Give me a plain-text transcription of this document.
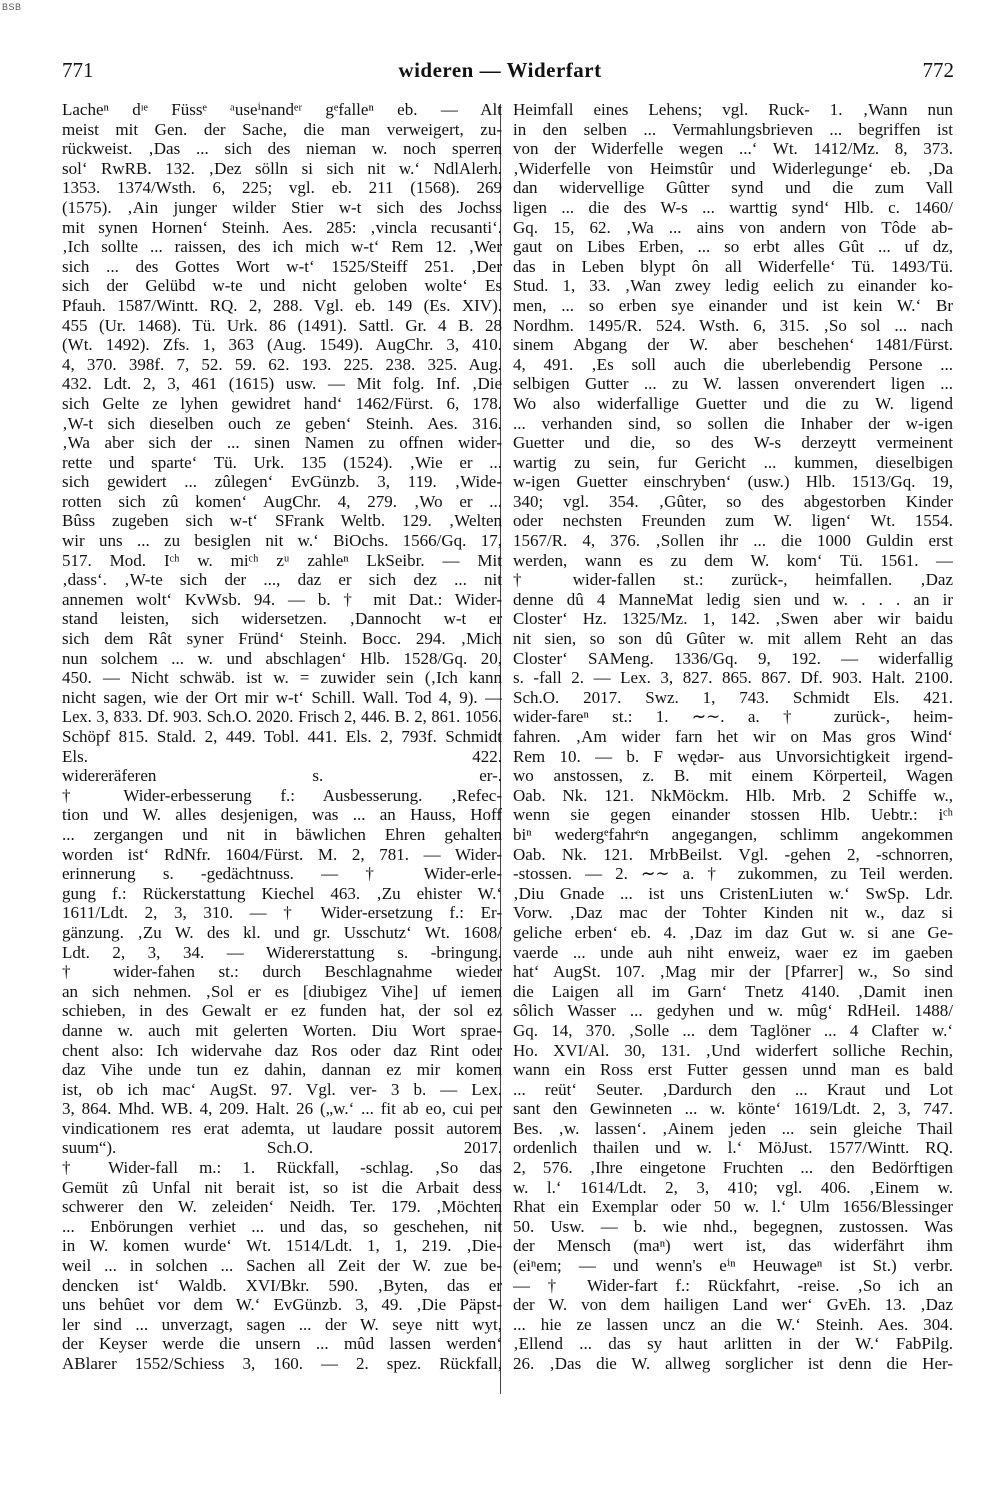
BSB
771	wideren — Widerfart	772
Lacheⁿ dᶦᵉ Füssᵉ ᵃuseⁱnandᵉʳ gᵉfalleⁿ eb. — Alt
meist mit Gen. der Sache, die man verweigert, zu-
rückweist. ‚Das ... sich des nieman w. noch sperren
sol‘ RwRB. 132. ‚Dez sölln si sich nit w.‘ NdlAlerh.
1353. 1374/Wsth. 6, 225; vgl. eb. 211 (1568). 269
(1575). ‚Ain junger wilder Stier w-t sich des Jochss
mit synen Hornen‘ Steinh. Aes. 285: ‚vincla recusanti‘.
‚Ich sollte ... raissen, des ich mich w-t‘ Rem 12. ‚Wer
sich ... des Gottes Wort w-t‘ 1525/Steiff 251. ‚Der
sich der Gelübd w-te und nicht geloben wolte‘ Es
Pfauh. 1587/Wintt. RQ. 2, 288. Vgl. eb. 149 (Es. XIV).
455 (Ur. 1468). Tü. Urk. 86 (1491). Sattl. Gr. 4 B. 28
(Wt. 1492). Zfs. 1, 363 (Aug. 1549). AugChr. 3, 410.
4, 370. 398f. 7, 52. 59. 62. 193. 225. 238. 325. Aug.
432. Ldt. 2, 3, 461 (1615) usw. — Mit folg. Inf. ‚Die
sich Gelte ze lyhen gewidret hand‘ 1462/Fürst. 6, 178.
‚W-t sich dieselben ouch ze geben‘ Steinh. Aes. 316.
‚Wa aber sich der ... sinen Namen zu offnen wider-
rette und sparte‘ Tü. Urk. 135 (1524). ‚Wie er ...
sich gewidert ... zûlegen‘ EvGünzb. 3, 119. ‚Wide-
rotten sich zû komen‘ AugChr. 4, 279. ‚Wo er ...
Bûss zugeben sich w-t‘ SFrank Weltb. 129. ‚Welten
wir uns ... zu besiglen nit w.‘ BiOchs. 1566/Gq. 17,
517. Mod. Iᶜʰ w. miᶜʰ zᵘ zahleⁿ LkSeibr. — Mit
‚dass‘. ‚W-te sich der ..., daz er sich dez ... nit
annemen wolt‘ KvWsb. 94. — b. † mit Dat.: Wider-
stand leisten, sich widersetzen. ‚Dannocht w-t er
sich dem Rât syner Fründ‘ Steinh. Bocc. 294. ‚Mich
nun solchem ... w. und abschlagen‘ Hlb. 1528/Gq. 20,
450. — Nicht schwäb. ist w. = zuwider sein (‚Ich kann
nicht sagen, wie der Ort mir w-t‘ Schill. Wall. Tod 4, 9). —
Lex. 3, 833. Df. 903. Sch.O. 2020. Frisch 2, 446. B. 2, 861. 1056.
Schöpf 815. Stald. 2, 449. Tobl. 441. Els. 2, 793f. Schmidt
Els. 422.
widereräferen s. er-.
† Wider-erbesserung f.: Ausbesserung. ‚Refec-
tion und W. alles desjenigen, was ... an Hauss, Hoff
... zergangen und nit in bäwlichen Ehren gehalten
worden ist‘ RdNfr. 1604/Fürst. M. 2, 781. — Wider-
erinnerung s. -gedächtnuss. — † Wider-erle-
gung f.: Rückerstattung Kiechel 463. ‚Zu ehister W.‘
1611/Ldt. 2, 3, 310. — † Wider-ersetzung f.: Er-
gänzung. ‚Zu W. des kl. und gr. Usschutz‘ Wt. 1608/
Ldt. 2, 3, 34. — Widererstattung s. -bringung.
† wider-fahen st.: durch Beschlagnahme wieder
an sich nehmen. ‚Sol er es [diubigez Vihe] uf iemen
schieben, in des Gewalt er ez funden hat, der sol ez
danne w. auch mit gelerten Worten. Diu Wort sprae-
chent also: Ich widervahe daz Ros oder daz Rint oder
daz Vihe unde tun ez dahin, dannan ez mir komen
ist, ob ich mac‘ AugSt. 97. Vgl. ver- 3 b. — Lex.
3, 864. Mhd. WB. 4, 209. Halt. 26 („w.‘ ... fit ab eo, cui per
vindicationem res erat ademta, ut laudare possit autorem
suum“). Sch.O. 2017.
† Wider-fall m.: 1. Rückfall, -schlag. ‚So das
Gemüt zû Unfal nit berait ist, so ist die Arbait dess
schwerer den W. zeleiden‘ Neidh. Ter. 179. ‚Möchten
... Enbörungen verhiet ... und das, so geschehen, nit
in W. komen wurde‘ Wt. 1514/Ldt. 1, 1, 219. ‚Die-
weil ... in solchen ... Sachen all Zeit der W. zue be-
dencken ist‘ Waldb. XVI/Bkr. 590. ‚Byten, das er
uns behûet vor dem W.‘ EvGünzb. 3, 49. ‚Die Päpst-
ler sind ... unverzagt, sagen ... der W. seye nitt wyt,
der Keyser werde die unsern ... mûd lassen werden‘
ABlarer 1552/Schiess 3, 160. — 2. spez. Rückfall,
Heimfall eines Lehens; vgl. Ruck- 1. ‚Wann nun
in den selben ... Vermahlungsbrieven ... begriffen ist
von der Widerfelle wegen ...‘ Wt. 1412/Mz. 8, 373.
‚Widerfelle von Heimstûr und Widerlegunge‘ eb. ‚Da
dan widervellige Gûtter synd und die zum Vall
ligen ... die des W-s ... warttig synd‘ Hlb. c. 1460/
Gq. 15, 62. ‚Wa ... ains von andern von Tôde ab-
gaut on Libes Erben, ... so erbt alles Gût ... uf dz,
das in Leben blypt ôn all Widerfelle‘ Tü. 1493/Tü.
Stud. 1, 33. ‚Wan zwey ledig eelich zu einander ko-
men, ... so erben sye einander und ist kein W.‘ Br
Nordhm. 1495/R. 524. Wsth. 6, 315. ‚So sol ... nach
sinem Abgang der W. aber beschehen‘ 1481/Fürst.
4, 491. ‚Es soll auch die uberlebendig Persone ...
selbigen Gutter ... zu W. lassen onverendert ligen ...
Wo also widerfallige Guetter und die zu W. ligend
... verhanden sind, so sollen die Inhaber der w-igen
Guetter und die, so des W-s derzeytt vermeinent
wartig zu sein, fur Gericht ... kummen, dieselbigen
w-igen Guetter einschryben‘ (usw.) Hlb. 1513/Gq. 19,
340; vgl. 354. ‚Gûter, so des abgestorben Kinder
oder nechsten Freunden zum W. ligen‘ Wt. 1554.
1567/R. 4, 376. ‚Sollen ihr ... die 1000 Guldin erst
werden, wann es zu dem W. kom‘ Tü. 1561. —
† wider-fallen st.: zurück-, heimfallen. ‚Daz
denne dû 4 ManneMat ledig sien und w. . . . an ir
Closter‘ Hz. 1325/Mz. 1, 142. ‚Swen aber wir baidu
nit sien, so son dû Gûter w. mit allem Reht an das
Closter‘ SAMeng. 1336/Gq. 9, 192. — widerfallig
s. -fall 2. — Lex. 3, 827. 865. 867. Df. 903. Halt. 2100.
Sch.O. 2017. Swz. 1, 743. Schmidt Els. 421.
wider-fareⁿ st.: 1. ∼̴∼. a. † zurück-, heim-
fahren. ‚Am wider farn het wir on Mas gros Wind‘
Rem 10. — b. F wędər- aus Unvorsichtigkeit irgend-
wo anstossen, z. B. mit einem Körperteil, Wagen
Oab. Nk. 121. NkMöckm. Hlb. Mrb. 2 Schiffe w.,
wenn sie gegen einander stossen Hlb. Uebtr.: iᶜʰ
biⁿ wedergᵉfahrᵉn angegangen, schlimm angekommen
Oab. Nk. 121. MrbBeilst. Vgl. -gehen 2, -schnorren,
-stossen. — 2. ∼̴∼ a. † zukommen, zu Teil werden.
‚Diu Gnade ... ist uns CristenLiuten w.‘ SwSp. Ldr.
Vorw. ‚Daz mac der Tohter Kinden nit w., daz si
geliche erben‘ eb. 4. ‚Daz im daz Gut w. si ane Ge-
vaerde ... unde auh niht enweiz, waer ez im gaeben
hat‘ AugSt. 107. ‚Mag mir der [Pfarrer] w., So sind
die Laigen all im Garn‘ Tnetz 4140. ‚Damit inen
sôlich Wasser ... gedyhen und w. mûg‘ RdHeil. 1488/
Gq. 14, 370. ‚Solle ... dem Taglöner ... 4 Clafter w.‘
Ho. XVI/Al. 30, 131. ‚Und widerfert solliche Rechin,
wann ein Ross erst Futter gessen unnd man es bald
... reüt‘ Seuter. ‚Dardurch den ... Kraut und Lot
sant den Gewinneten ... w. könte‘ 1619/Ldt. 2, 3, 747.
Bes. ‚w. lassen‘. ‚Ainem jeden ... sein gleiche Thail
ordenlich thailen und w. l.‘ MöJust. 1577/Wintt. RQ.
2, 576. ‚Ihre eingetone Fruchten ... den Bedörftigen
w. l.‘ 1614/Ldt. 2, 3, 410; vgl. 406. ‚Einem w.
Rhat ein Exemplar oder 50 w. l.‘ Ulm 1656/Blessinger
50. Usw. — b. wie nhd., begegnen, zustossen. Was
der Mensch (maⁿ) wert ist, das widerfährt ihm
(eiⁿem; — und wenn's eⁱⁿ Heuwageⁿ ist St.) verbr.
— † Wider-fart f.: Rückfahrt, -reise. ‚So ich an
der W. von dem hailigen Land wer‘ GvEh. 13. ‚Daz
... hie ze lassen uncz an die W.‘ Steinh. Aes. 304.
‚Ellend ... das sy haut arlitten in der W.‘ FabPilg.
26. ‚Das die W. allweg sorglicher ist denn die Her-
